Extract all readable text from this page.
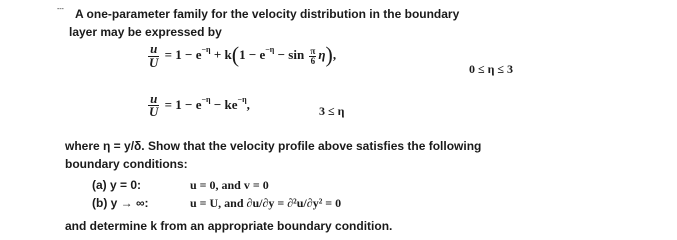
- - - A one-parameter family for the velocity distribution in the boundary
layer may be expressed by
$\frac{u}{U} = 1 - e^{-\eta} + k(1 - e^{-\eta} - \sin \frac{\pi}{6} \eta)$,
0 ≤ η ≤ 3
$\frac{u}{U} = 1 - e^{-\eta} - ke^{-\eta}$,	3 ≤ η
where η = y/δ. Show that the velocity profile above satisfies the following
boundary conditions:
(a) y = 0:	u = 0, and v = 0
(b) y → ∞:	u = U, and ∂u/∂y = ∂²u/∂y² = 0
and determine k from an appropriate boundary condition.
